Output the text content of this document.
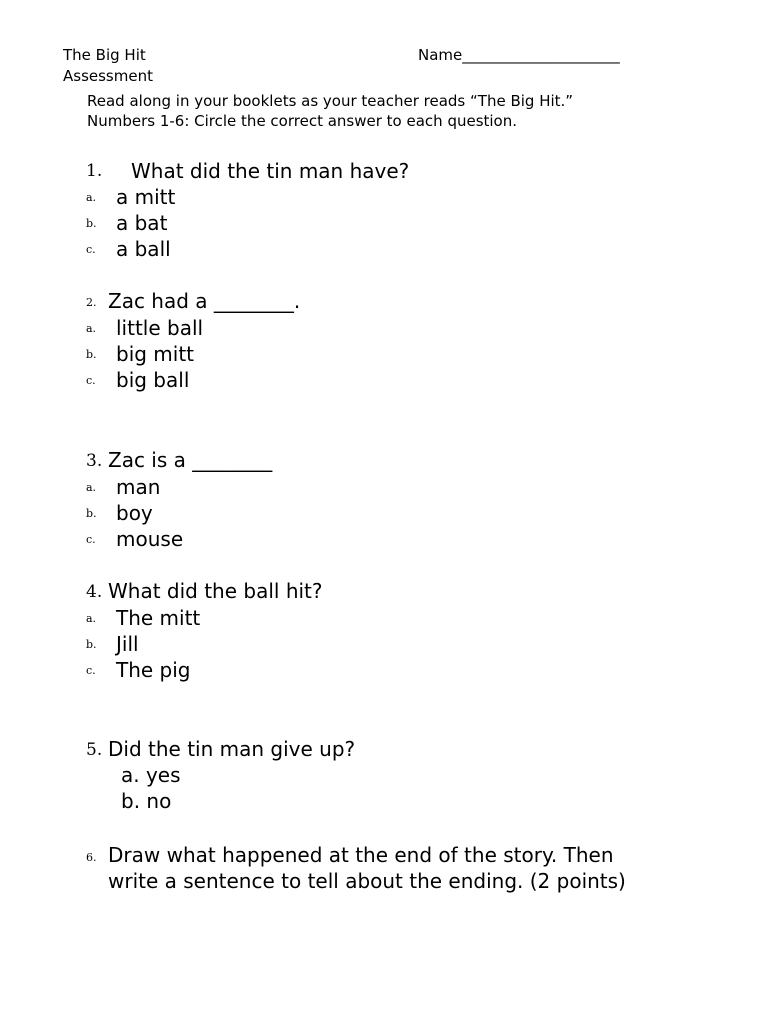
The Big Hit
Assessment
Name_____________________
Read along in your booklets as your teacher reads “The Big Hit.”
Numbers 1-6: Circle the correct answer to each question.
1. What did the tin man have?
a. a mitt
b. a bat
c. a ball
2. Zac had a ________.
a. little ball
b. big mitt
c. big ball
3. Zac is a ________
a. man
b. boy
c. mouse
4. What did the ball hit?
a. The mitt
b. Jill
c. The pig
5. Did the tin man give up?
a. yes
b. no
6. Draw what happened at the end of the story. Then
write a sentence to tell about the ending. (2 points)
